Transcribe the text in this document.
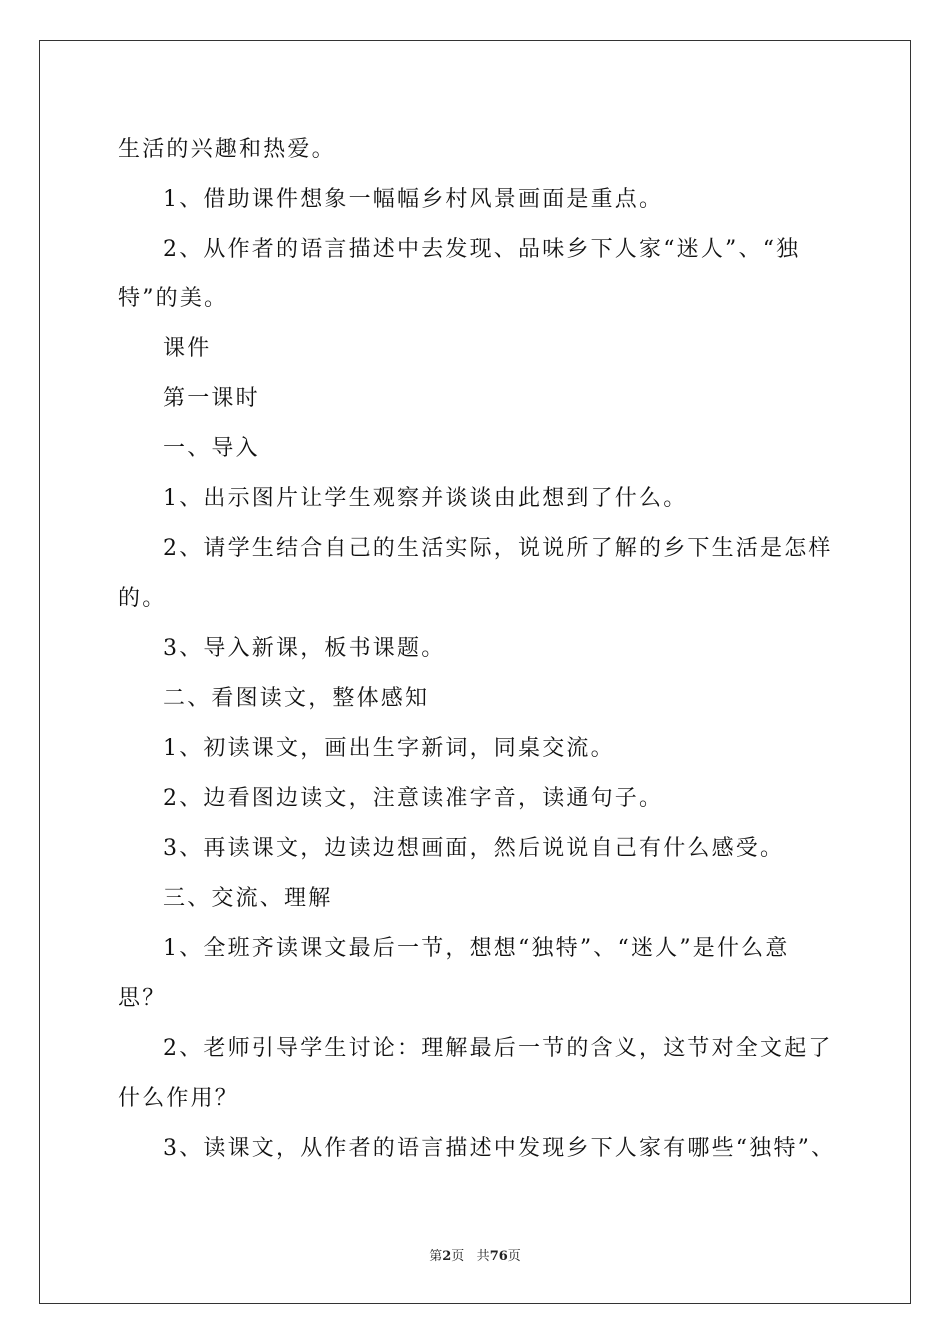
生活的兴趣和热爱。
1、借助课件想象一幅幅乡村风景画面是重点。
2、从作者的语言描述中去发现、品味乡下人家“迷人”、“独
特”的美。
课件
第一课时
一、导入
1、出示图片让学生观察并谈谈由此想到了什么。
2、请学生结合自己的生活实际，说说所了解的乡下生活是怎样
的。
3、导入新课，板书课题。
二、看图读文，整体感知
1、初读课文，画出生字新词，同桌交流。
2、边看图边读文，注意读准字音，读通句子。
3、再读课文，边读边想画面，然后说说自己有什么感受。
三、交流、理解
1、全班齐读课文最后一节，想想“独特”、“迷人”是什么意
思？
2、老师引导学生讨论：理解最后一节的含义，这节对全文起了
什么作用？
3、读课文，从作者的语言描述中发现乡下人家有哪些“独特”、
第2页 共76页
